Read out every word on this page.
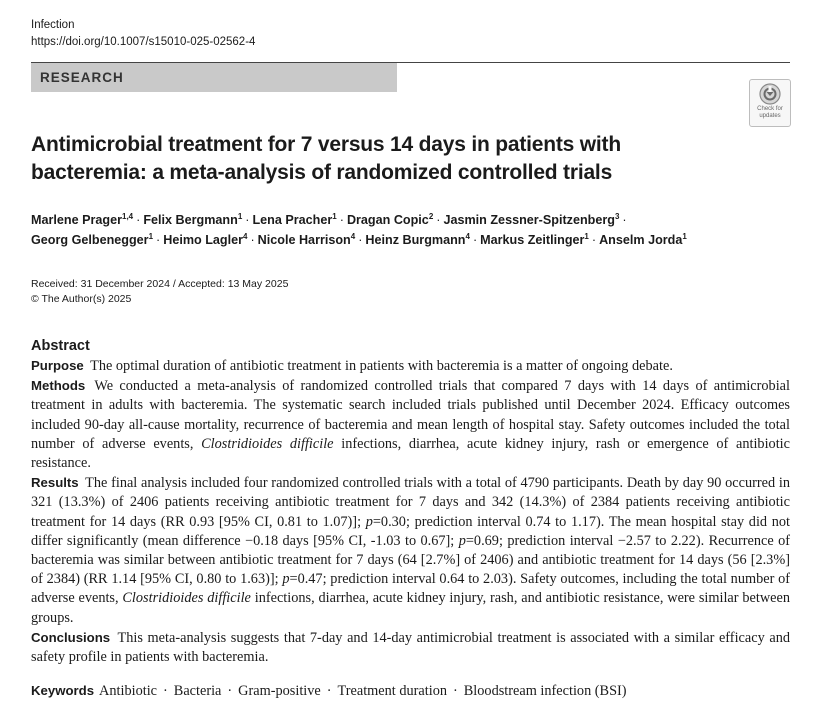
Infection
https://doi.org/10.1007/s15010-025-02562-4
RESEARCH
Check for
updates
Antimicrobial treatment for 7 versus 14 days in patients with
bacteremia: a meta-analysis of randomized controlled trials
Marlene Prager$^{1,4}$ · Felix Bergmann$^1$ · Lena Pracher$^1$ · Dragan Copic$^2$ · Jasmin Zessner-Spitzenberg$^3$ ·
Georg Gelbenegger$^1$ · Heimo Lagler$^4$ · Nicole Harrison$^4$ · Heinz Burgmann$^4$ · Markus Zeitlinger$^1$ · Anselm Jorda$^1$
Received: 31 December 2024 / Accepted: 13 May 2025
© The Author(s) 2025
Abstract
Purpose The optimal duration of antibiotic treatment in patients with bacteremia is a matter of ongoing debate.
Methods We conducted a meta-analysis of randomized controlled trials that compared 7 days with 14 days of antimicrobial treatment in adults with bacteremia. The systematic search included trials published until December 2024. Efficacy outcomes included 90-day all-cause mortality, recurrence of bacteremia and mean length of hospital stay. Safety outcomes included the total number of adverse events, Clostridioides difficile infections, diarrhea, acute kidney injury, rash or emergence of antibiotic resistance.
Results The final analysis included four randomized controlled trials with a total of 4790 participants. Death by day 90 occurred in 321 (13.3%) of 2406 patients receiving antibiotic treatment for 7 days and 342 (14.3%) of 2384 patients receiving antibiotic treatment for 14 days (RR 0.93 [95% CI, 0.81 to 1.07)]; p=0.30; prediction interval 0.74 to 1.17). The mean hospital stay did not differ significantly (mean difference −0.18 days [95% CI, -1.03 to 0.67]; p=0.69; prediction interval −2.57 to 2.22). Recurrence of bacteremia was similar between antibiotic treatment for 7 days (64 [2.7%] of 2406) and antibiotic treatment for 14 days (56 [2.3%] of 2384) (RR 1.14 [95% CI, 0.80 to 1.63)]; p=0.47; prediction interval 0.64 to 2.03). Safety outcomes, including the total number of adverse events, Clostridioides difficile infections, diarrhea, acute kidney injury, rash, and antibiotic resistance, were similar between groups.
Conclusions This meta-analysis suggests that 7-day and 14-day antimicrobial treatment is associated with a similar efficacy and safety profile in patients with bacteremia.
Keywords Antibiotic · Bacteria · Gram-positive · Treatment duration · Bloodstream infection (BSI)
